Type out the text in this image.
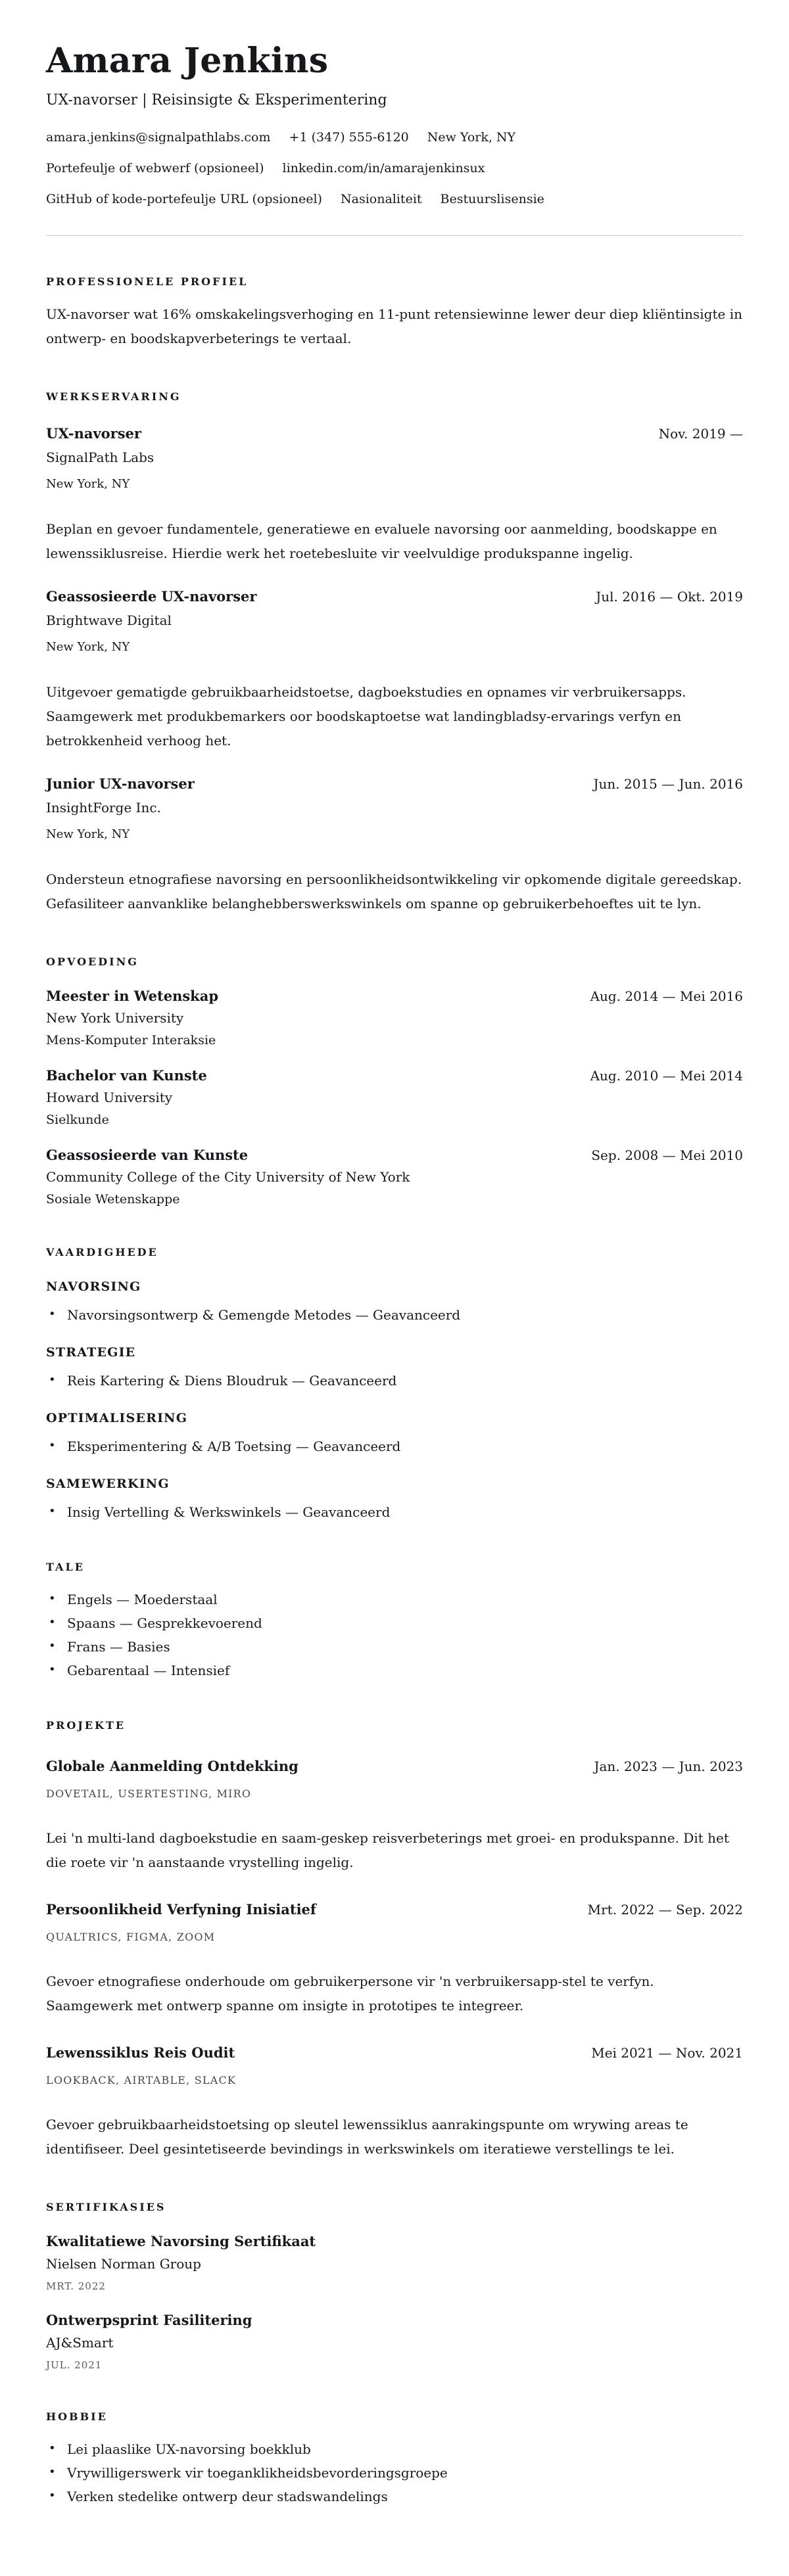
Amara Jenkins
UX-navorser | Reisinsigte & Eksperimentering
amara.jenkins@signalpathlabs.com +1 (347) 555-6120 New York, NY
Portefeulje of webwerf (opsioneel) linkedin.com/in/amarajenkinsux
GitHub of kode-portefeulje URL (opsioneel) Nasionaliteit Bestuurslisensie
PROFESSIONELE PROFIEL

UX-navorser wat 16% omskakelingsverhoging en 11-punt retensiewinne lewer deur diep kliëntinsigte in ontwerp- en boodskapverbeterings te vertaal.

WERKSERVARING
UX-navorser	Nov. 2019 —
SignalPath Labs
New York, NY

Beplan en gevoer fundamentele, generatiewe en evaluele navorsing oor aanmelding, boodskappe en lewenssiklusreise. Hierdie werk het roetebesluite vir veelvuldige produkspanne ingelig.

Geassosieerde UX-navorser	Jul. 2016 — Okt. 2019
Brightwave Digital
New York, NY

Uitgevoer gematigde gebruikbaarheidstoetse, dagboekstudies en opnames vir verbruikersapps. Saamgewerk met produkbemarkers oor boodskaptoetse wat landingbladsy-ervarings verfyn en betrokkenheid verhoog het.

Junior UX-navorser	Jun. 2015 — Jun. 2016
InsightForge Inc.
New York, NY

Ondersteun etnografiese navorsing en persoonlikheidsontwikkeling vir opkomende digitale gereedskap. Gefasiliteer aanvanklike belanghebberswerkswinkels om spanne op gebruikerbehoeftes uit te lyn.

OPVOEDING
Meester in Wetenskap	Aug. 2014 — Mei 2016
New York University
Mens-Komputer Interaksie
Bachelor van Kunste	Aug. 2010 — Mei 2014
Howard University
Sielkunde
Geassosieerde van Kunste	Sep. 2008 — Mei 2010
Community College of the City University of New York
Sosiale Wetenskappe
VAARDIGHEDE
NAVORSING
• Navorsingsontwerp & Gemengde Metodes — Geavanceerd
STRATEGIE
• Reis Kartering & Diens Bloudruk — Geavanceerd
OPTIMALISERING
• Eksperimentering & A/B Toetsing — Geavanceerd
SAMEWERKING
• Insig Vertelling & Werkswinkels — Geavanceerd
TALE
• Engels — Moederstaal
• Spaans — Gesprekkevoerend
• Frans — Basies
• Gebarentaal — Intensief
PROJEKTE
Globale Aanmelding Ontdekking	Jan. 2023 — Jun. 2023
DOVETAIL, USERTESTING, MIRO

Lei 'n multi-land dagboekstudie en saam-geskep reisverbeterings met groei- en produkspanne. Dit het die roete vir 'n aanstaande vrystelling ingelig.

Persoonlikheid Verfyning Inisiatief	Mrt. 2022 — Sep. 2022
QUALTRICS, FIGMA, ZOOM

Gevoer etnografiese onderhoude om gebruikerpersone vir 'n verbruikersapp-stel te verfyn. Saamgewerk met ontwerp spanne om insigte in prototipes te integreer.

Lewenssiklus Reis Oudit	Mei 2021 — Nov. 2021
LOOKBACK, AIRTABLE, SLACK

Gevoer gebruikbaarheidstoetsing op sleutel lewenssiklus aanrakingspunte om wrywing areas te identifiseer. Deel gesintetiseerde bevindings in werkswinkels om iteratiewe verstellings te lei.

SERTIFIKASIES
Kwalitatiewe Navorsing Sertifikaat
Nielsen Norman Group
MRT. 2022
Ontwerpsprint Fasilitering
AJ&Smart
JUL. 2021
HOBBIE
• Lei plaaslike UX-navorsing boekklub
• Vrywilligerswerk vir toeganklikheidsbevorderingsgroepe
• Verken stedelike ontwerp deur stadswandelings
